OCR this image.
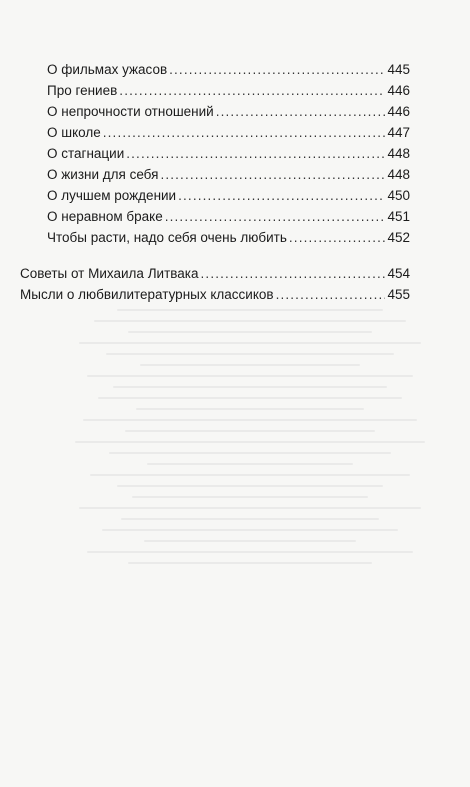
О фильмах ужасов . . .	445
Про гениев . . .	446
О непрочности отношений . . .	446
О школе . . .	447
О стагнации . . .	448
О жизни для себя . . .	448
О лучшем рождении . . .	450
О неравном браке . . .	451
Чтобы расти, надо себя очень любить . . .	452
Советы от Михаила Литвака . . .	454
Мысли о любвилитературных классиков . . .	455
